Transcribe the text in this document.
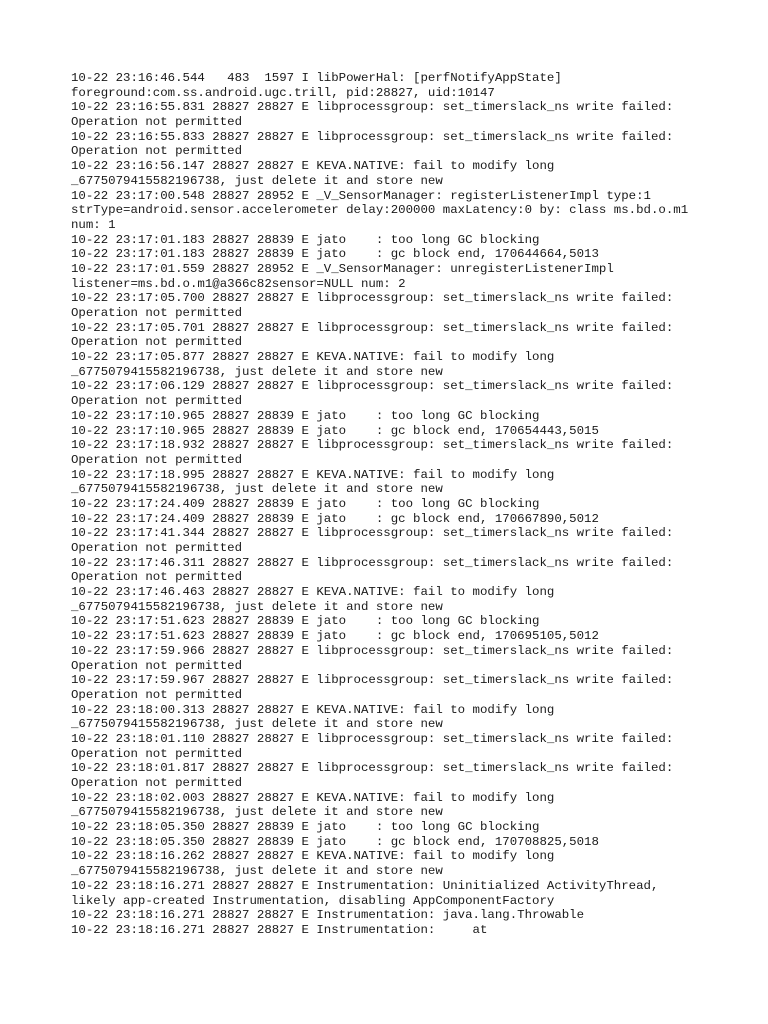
10-22 23:16:46.544   483  1597 I libPowerHal: [perfNotifyAppState]
foreground:com.ss.android.ugc.trill, pid:28827, uid:10147
10-22 23:16:55.831 28827 28827 E libprocessgroup: set_timerslack_ns write failed:
Operation not permitted
10-22 23:16:55.833 28827 28827 E libprocessgroup: set_timerslack_ns write failed:
Operation not permitted
10-22 23:16:56.147 28827 28827 E KEVA.NATIVE: fail to modify long
_6775079415582196738, just delete it and store new
10-22 23:17:00.548 28827 28952 E _V_SensorManager: registerListenerImpl type:1
strType=android.sensor.accelerometer delay:200000 maxLatency:0 by: class ms.bd.o.m1
num: 1
10-22 23:17:01.183 28827 28839 E jato    : too long GC blocking
10-22 23:17:01.183 28827 28839 E jato    : gc block end, 170644664,5013
10-22 23:17:01.559 28827 28952 E _V_SensorManager: unregisterListenerImpl
listener=ms.bd.o.m1@a366c82sensor=NULL num: 2
10-22 23:17:05.700 28827 28827 E libprocessgroup: set_timerslack_ns write failed:
Operation not permitted
10-22 23:17:05.701 28827 28827 E libprocessgroup: set_timerslack_ns write failed:
Operation not permitted
10-22 23:17:05.877 28827 28827 E KEVA.NATIVE: fail to modify long
_6775079415582196738, just delete it and store new
10-22 23:17:06.129 28827 28827 E libprocessgroup: set_timerslack_ns write failed:
Operation not permitted
10-22 23:17:10.965 28827 28839 E jato    : too long GC blocking
10-22 23:17:10.965 28827 28839 E jato    : gc block end, 170654443,5015
10-22 23:17:18.932 28827 28827 E libprocessgroup: set_timerslack_ns write failed:
Operation not permitted
10-22 23:17:18.995 28827 28827 E KEVA.NATIVE: fail to modify long
_6775079415582196738, just delete it and store new
10-22 23:17:24.409 28827 28839 E jato    : too long GC blocking
10-22 23:17:24.409 28827 28839 E jato    : gc block end, 170667890,5012
10-22 23:17:41.344 28827 28827 E libprocessgroup: set_timerslack_ns write failed:
Operation not permitted
10-22 23:17:46.311 28827 28827 E libprocessgroup: set_timerslack_ns write failed:
Operation not permitted
10-22 23:17:46.463 28827 28827 E KEVA.NATIVE: fail to modify long
_6775079415582196738, just delete it and store new
10-22 23:17:51.623 28827 28839 E jato    : too long GC blocking
10-22 23:17:51.623 28827 28839 E jato    : gc block end, 170695105,5012
10-22 23:17:59.966 28827 28827 E libprocessgroup: set_timerslack_ns write failed:
Operation not permitted
10-22 23:17:59.967 28827 28827 E libprocessgroup: set_timerslack_ns write failed:
Operation not permitted
10-22 23:18:00.313 28827 28827 E KEVA.NATIVE: fail to modify long
_6775079415582196738, just delete it and store new
10-22 23:18:01.110 28827 28827 E libprocessgroup: set_timerslack_ns write failed:
Operation not permitted
10-22 23:18:01.817 28827 28827 E libprocessgroup: set_timerslack_ns write failed:
Operation not permitted
10-22 23:18:02.003 28827 28827 E KEVA.NATIVE: fail to modify long
_6775079415582196738, just delete it and store new
10-22 23:18:05.350 28827 28839 E jato    : too long GC blocking
10-22 23:18:05.350 28827 28839 E jato    : gc block end, 170708825,5018
10-22 23:18:16.262 28827 28827 E KEVA.NATIVE: fail to modify long
_6775079415582196738, just delete it and store new
10-22 23:18:16.271 28827 28827 E Instrumentation: Uninitialized ActivityThread,
likely app-created Instrumentation, disabling AppComponentFactory
10-22 23:18:16.271 28827 28827 E Instrumentation: java.lang.Throwable
10-22 23:18:16.271 28827 28827 E Instrumentation:     at
